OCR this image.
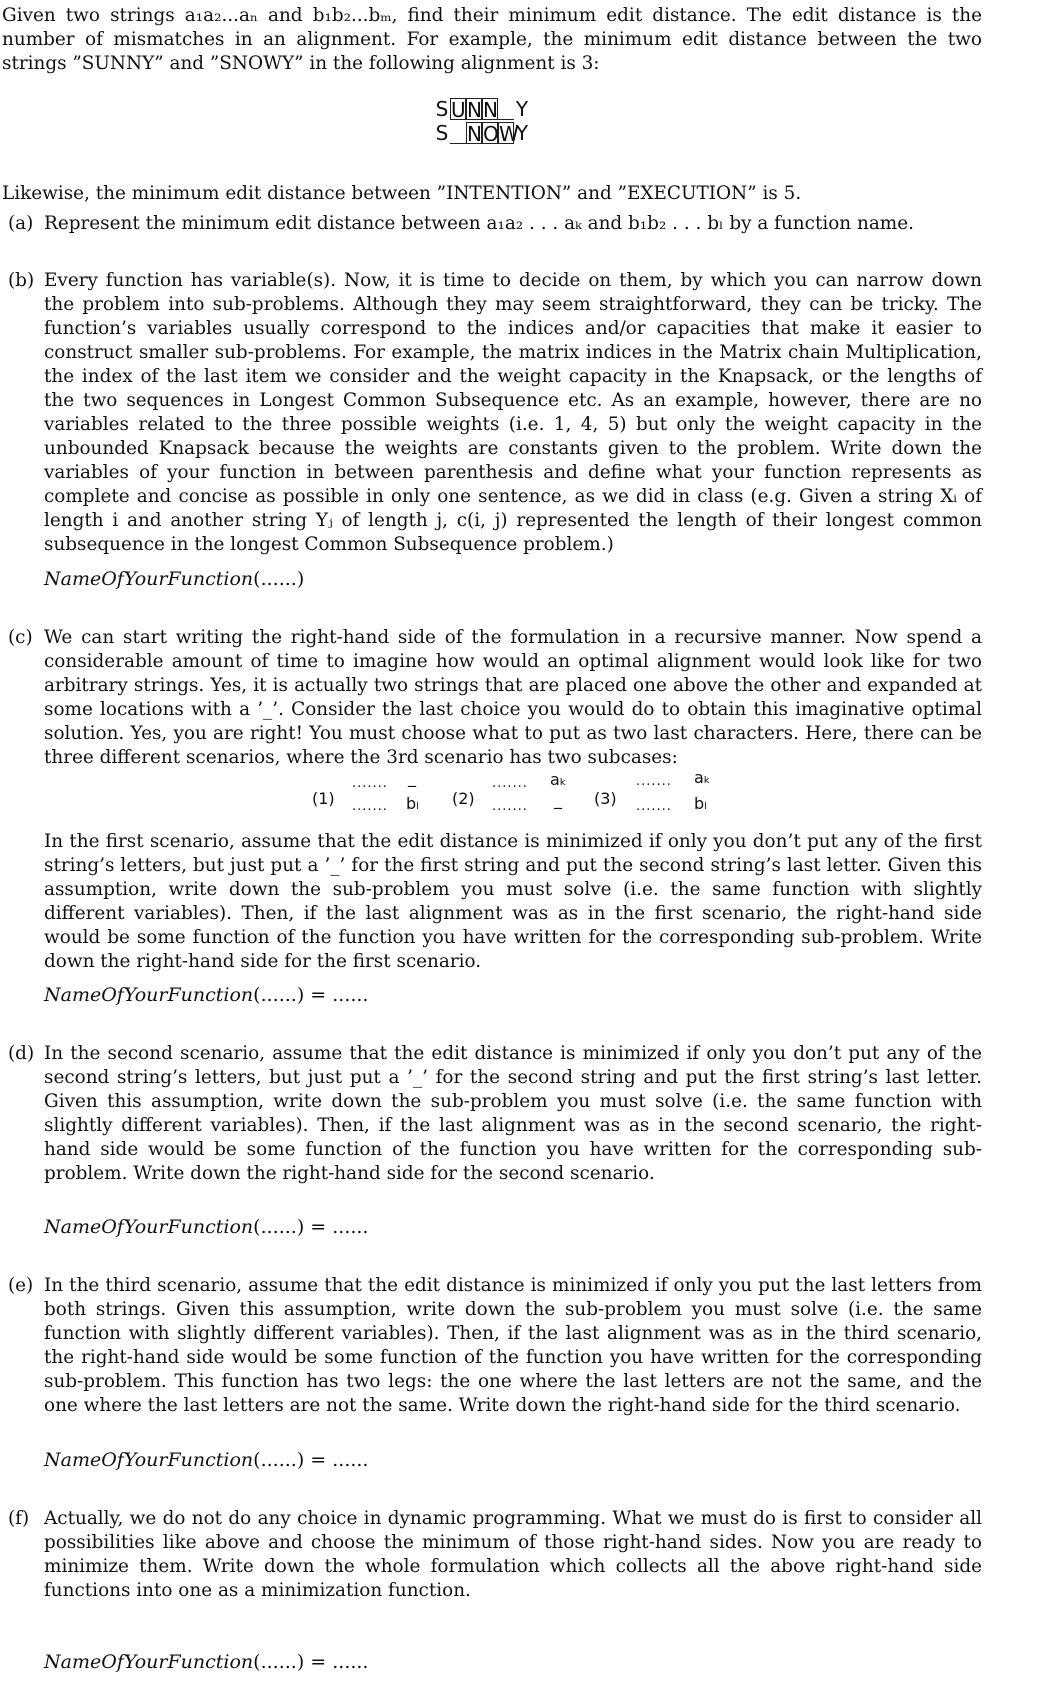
Given two strings a₁a₂...aₙ and b₁b₂...bₘ, find their minimum edit distance. The edit distance is the number of mismatches in an alignment. For example, the minimum edit distance between the two strings ”SUNNY” and ”SNOWY” in the following alignment is 3:
S U N N Y
S N O W
Y
Likewise, the minimum edit distance between ”INTENTION” and ”EXECUTION” is 5.
(a) Represent the minimum edit distance between a₁a₂ . . . aₖ and b₁b₂ . . . bₗ by a function name.
(b) Every function has variable(s). Now, it is time to decide on them, by which you can narrow down the problem into sub-problems. Although they may seem straightforward, they can be tricky. The function’s variables usually correspond to the indices and/or capacities that make it easier to construct smaller sub-problems. For example, the matrix indices in the Matrix chain Multiplication, the index of the last item we consider and the weight capacity in the Knapsack, or the lengths of the two sequences in Longest Common Subsequence etc. As an example, however, there are no variables related to the three possible weights (i.e. 1, 4, 5) but only the weight capacity in the unbounded Knapsack because the weights are constants given to the problem. Write down the variables of your function in between parenthesis and define what your function represents as complete and concise as possible in only one sentence, as we did in class (e.g. Given a string Xᵢ of length i and another string Yⱼ of length j, c(i, j) represented the length of their longest common subsequence in the longest Common Subsequence problem.)
NameOfYourFunction(......)
(c) We can start writing the right-hand side of the formulation in a recursive manner. Now spend a considerable amount of time to imagine how would an optimal alignment would look like for two arbitrary strings. Yes, it is actually two strings that are placed one above the other and expanded at some locations with a ’_’. Consider the last choice you would do to obtain this imaginative optimal solution. Yes, you are right! You must choose what to put as two last characters. Here, there can be three different scenarios, where the 3rd scenario has two subcases:
(1)
.......
.......
_
bₗ (2)
.......
.......
aₖ
_ (3)
.......
.......
aₖ
bₗ
In the first scenario, assume that the edit distance is minimized if only you don’t put any of the first string’s letters, but just put a ’_’ for the first string and put the second string’s last letter. Given this assumption, write down the sub-problem you must solve (i.e. the same function with slightly different variables). Then, if the last alignment was as in the first scenario, the right-hand side would be some function of the function you have written for the corresponding sub-problem. Write down the right-hand side for the first scenario.
NameOfYourFunction(......) = ......
(d) In the second scenario, assume that the edit distance is minimized if only you don’t put any of the second string’s letters, but just put a ’_’ for the second string and put the first string’s last letter. Given this assumption, write down the sub-problem you must solve (i.e. the same function with slightly different variables). Then, if the last alignment was as in the second scenario, the right-hand side would be some function of the function you have written for the corresponding sub-problem. Write down the right-hand side for the second scenario.
NameOfYourFunction(......) = ......
(e) In the third scenario, assume that the edit distance is minimized if only you put the last letters from both strings. Given this assumption, write down the sub-problem you must solve (i.e. the same function with slightly different variables). Then, if the last alignment was as in the third scenario, the right-hand side would be some function of the function you have written for the corresponding sub-problem. This function has two legs: the one where the last letters are not the same, and the one where the last letters are not the same. Write down the right-hand side for the third scenario.
NameOfYourFunction(......) = ......
(f) Actually, we do not do any choice in dynamic programming. What we must do is first to consider all possibilities like above and choose the minimum of those right-hand sides. Now you are ready to minimize them. Write down the whole formulation which collects all the above right-hand side functions into one as a minimization function.
NameOfYourFunction(......) = ......
